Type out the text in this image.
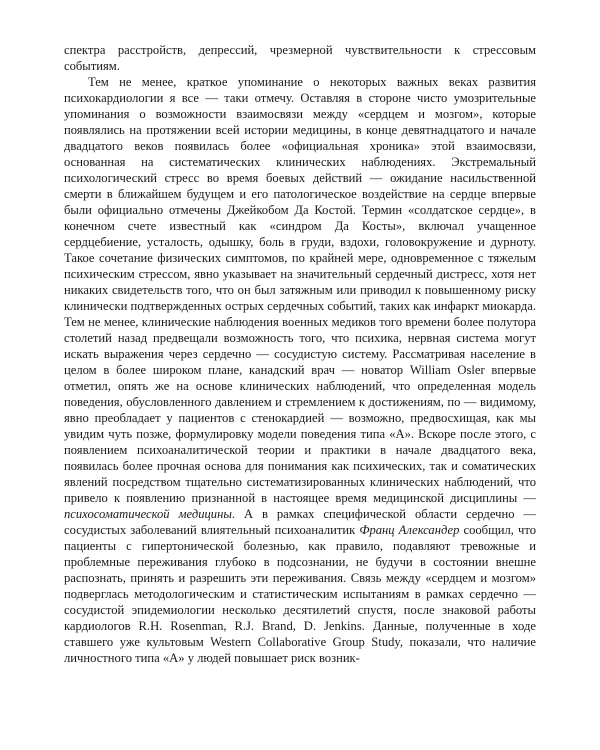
спектра расстройств, депрессий, чрезмерной чувствительности к стрессовым событиям.

Тем не менее, краткое упоминание о некоторых важных веках развития психокардиологии я все — таки отмечу. Оставляя в стороне чисто умозрительные упоминания о возможности взаимосвязи между «сердцем и мозгом», которые появлялись на протяжении всей истории медицины, в конце девятнадцатого и начале двадцатого веков появилась более «официальная хроника» этой взаимосвязи, основанная на систематических клинических наблюдениях. Экстремальный психологический стресс во время боевых действий — ожидание насильственной смерти в ближайшем будущем и его патологическое воздействие на сердце впервые были официально отмечены Джейкобом Да Костой. Термин «солдатское сердце», в конечном счете известный как «синдром Да Косты», включал учащенное сердцебиение, усталость, одышку, боль в груди, вздохи, головокружение и дурноту. Такое сочетание физических симптомов, по крайней мере, одновременное с тяжелым психическим стрессом, явно указывает на значительный сердечный дистресс, хотя нет никаких свидетельств того, что он был затяжным или приводил к повышенному риску клинически подтвержденных острых сердечных событий, таких как инфаркт миокарда. Тем не менее, клинические наблюдения военных медиков того времени более полутора столетий назад предвещали возможность того, что психика, нервная система могут искать выражения через сердечно — сосудистую систему. Рассматривая население в целом в более широком плане, канадский врач — новатор William Osler впервые отметил, опять же на основе клинических наблюдений, что определенная модель поведения, обусловленного давлением и стремлением к достижениям, по — видимому, явно преобладает у пациентов с стенокардией — возможно, предвосхищая, как мы увидим чуть позже, формулировку модели поведения типа «А». Вскоре после этого, с появлением психоаналитической теории и практики в начале двадцатого века, появилась более прочная основа для понимания как психических, так и соматических явлений посредством тщательно систематизированных клинических наблюдений, что привело к появлению признанной в настоящее время медицинской дисциплины — психосоматической медицины. А в рамках специфической области сердечно — сосудистых заболеваний влиятельный психоаналитик Франц Александер сообщил, что пациенты с гипертонической болезнью, как правило, подавляют тревожные и проблемные переживания глубоко в подсознании, не будучи в состоянии внешне распознать, принять и разрешить эти переживания. Связь между «сердцем и мозгом» подверглась методологическим и статистическим испытаниям в рамках сердечно — сосудистой эпидемиологии несколько десятилетий спустя, после знаковой работы кардиологов R.H. Rosenman, R.J. Brand, D. Jenkins. Данные, полученные в ходе ставшего уже культовым Western Collaborative Group Study, показали, что наличие личностного типа «А» у людей повышает риск возник-
